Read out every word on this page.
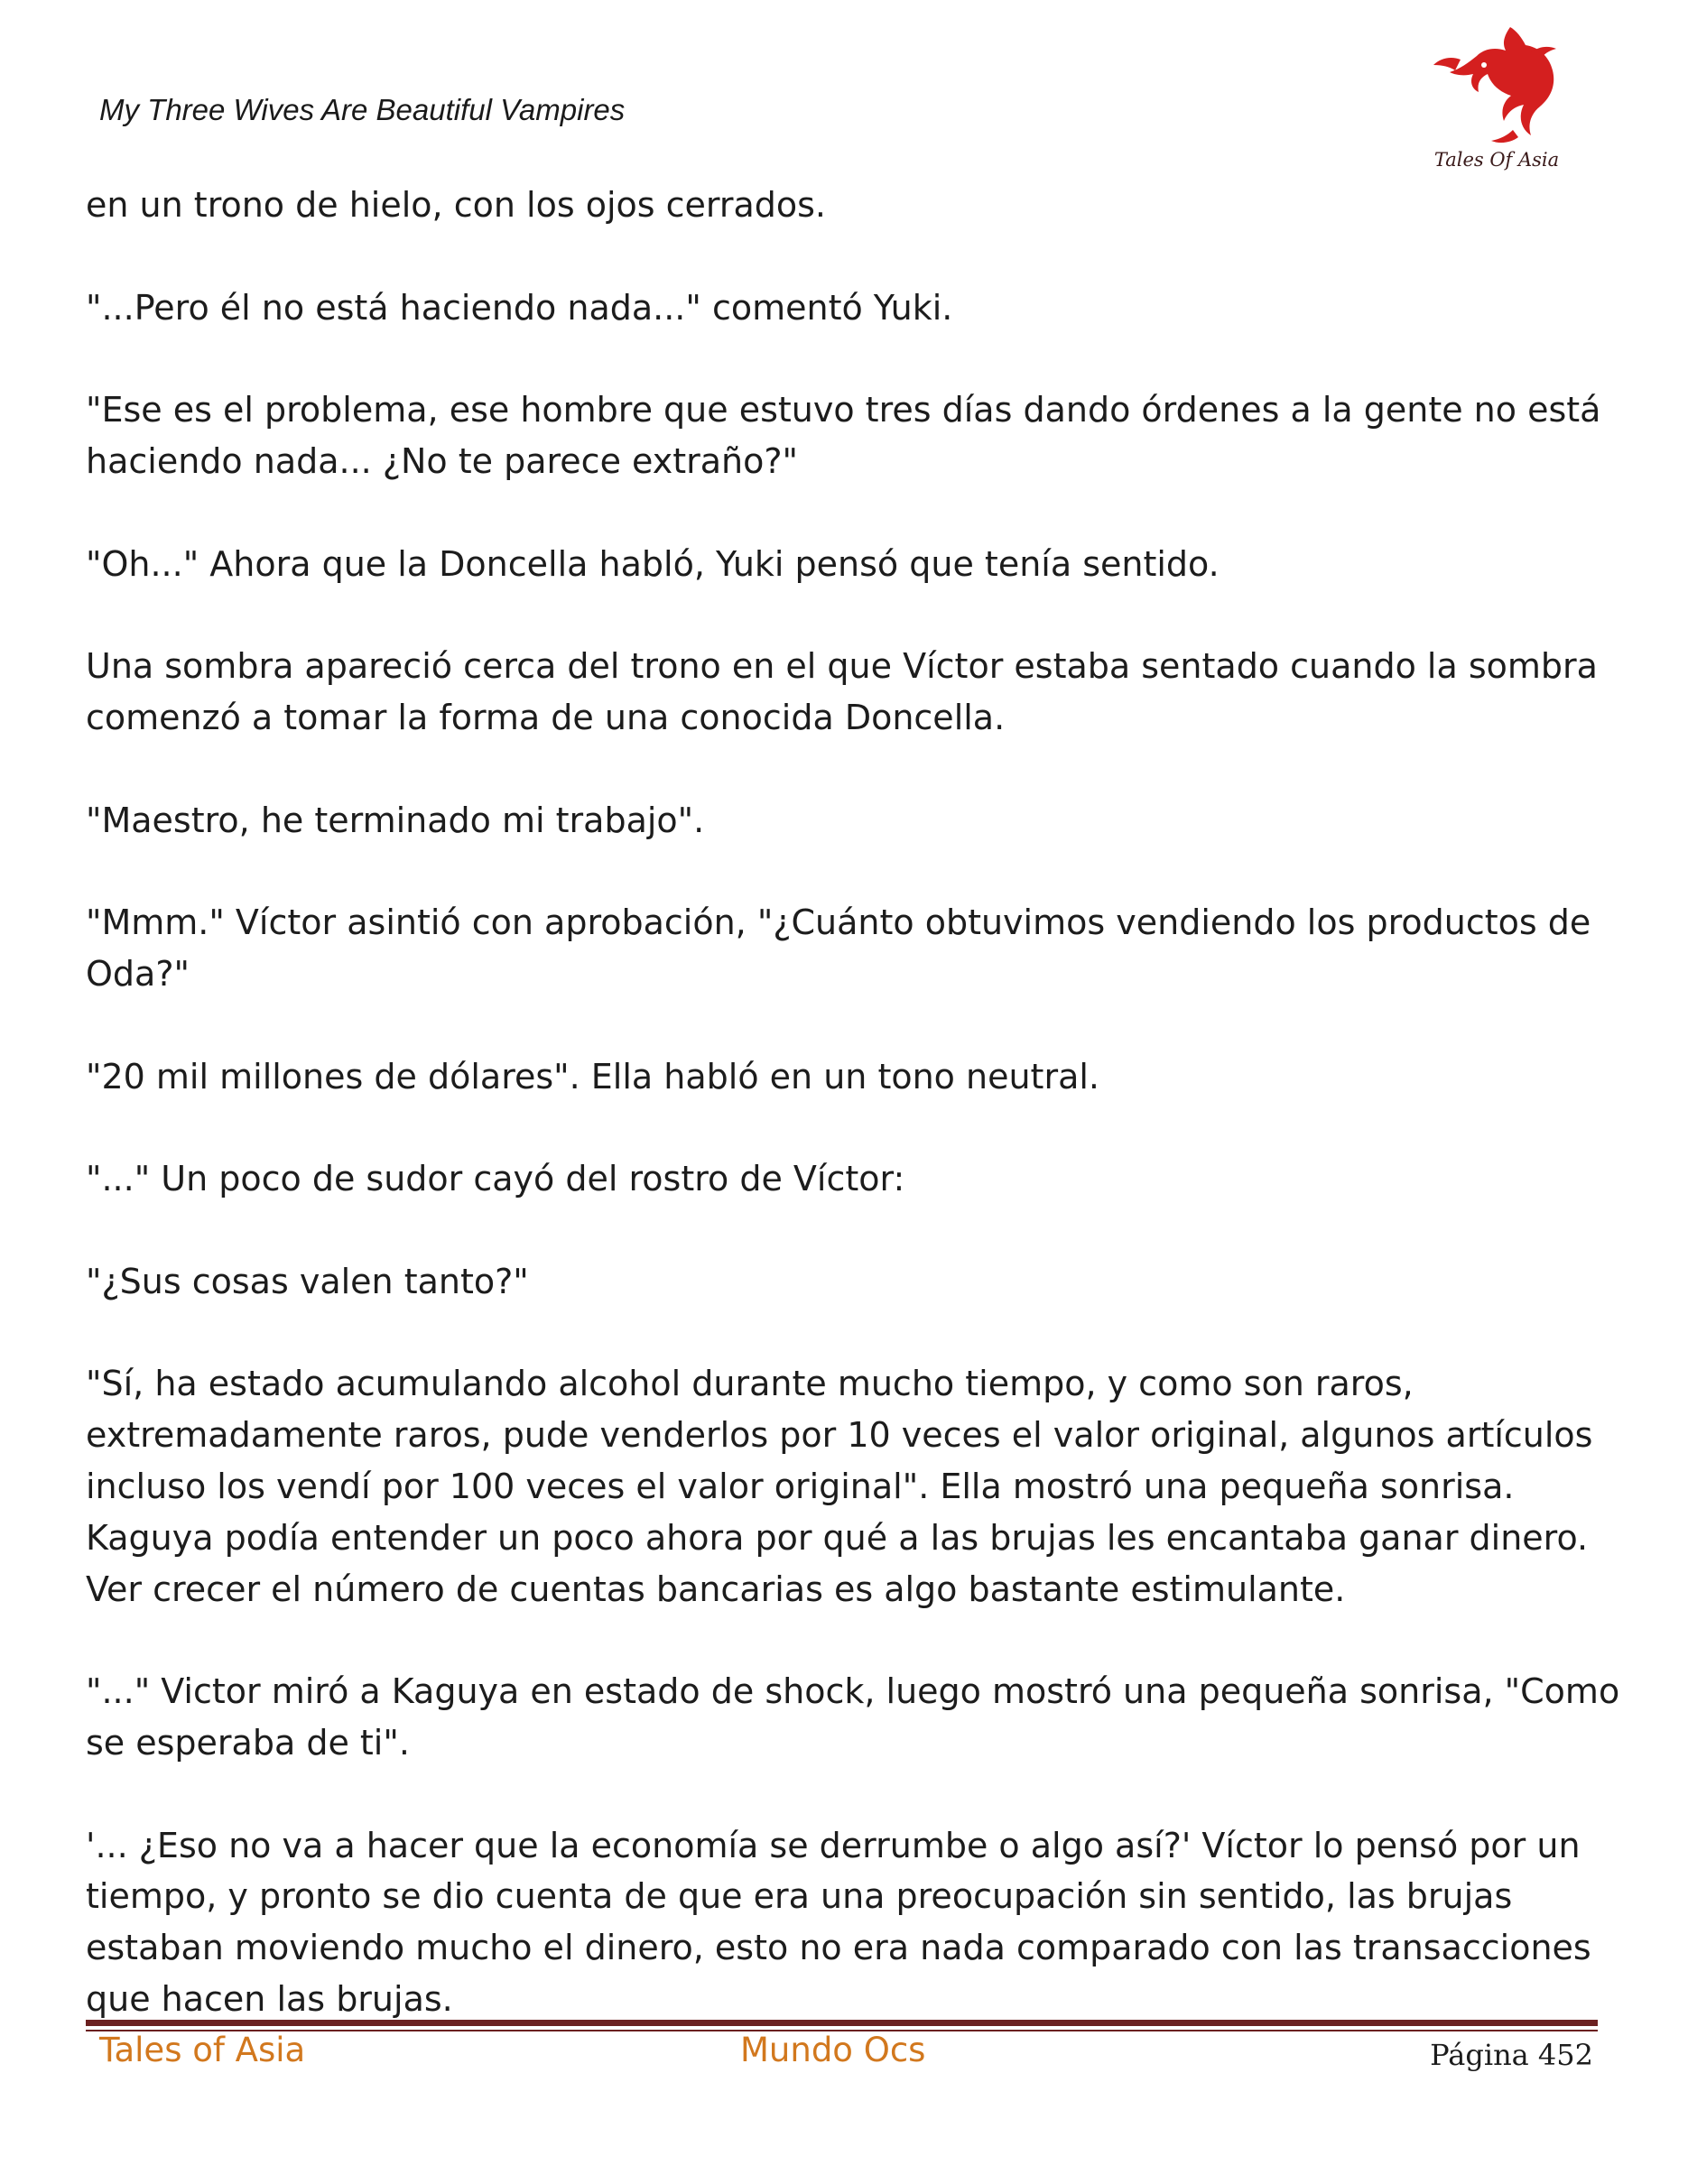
My Three Wives Are Beautiful Vampires
Tales Of Asia

en un trono de hielo, con los ojos cerrados.

"...Pero él no está haciendo nada..." comentó Yuki.

"Ese es el problema, ese hombre que estuvo tres días dando órdenes a la gente no está
haciendo nada... ¿No te parece extraño?"

"Oh..." Ahora que la Doncella habló, Yuki pensó que tenía sentido.

Una sombra apareció cerca del trono en el que Víctor estaba sentado cuando la sombra
comenzó a tomar la forma de una conocida Doncella.

"Maestro, he terminado mi trabajo".

"Mmm." Víctor asintió con aprobación, "¿Cuánto obtuvimos vendiendo los productos de
Oda?"

"20 mil millones de dólares". Ella habló en un tono neutral.

"..." Un poco de sudor cayó del rostro de Víctor:

"¿Sus cosas valen tanto?"

"Sí, ha estado acumulando alcohol durante mucho tiempo, y como son raros,
extremadamente raros, pude venderlos por 10 veces el valor original, algunos artículos
incluso los vendí por 100 veces el valor original". Ella mostró una pequeña sonrisa.
Kaguya podía entender un poco ahora por qué a las brujas les encantaba ganar dinero.
Ver crecer el número de cuentas bancarias es algo bastante estimulante.

"..." Victor miró a Kaguya en estado de shock, luego mostró una pequeña sonrisa, "Como
se esperaba de ti".

'... ¿Eso no va a hacer que la economía se derrumbe o algo así?' Víctor lo pensó por un
tiempo, y pronto se dio cuenta de que era una preocupación sin sentido, las brujas
estaban moviendo mucho el dinero, esto no era nada comparado con las transacciones
que hacen las brujas.

Tales of Asia	Mundo Ocs	Página 452
